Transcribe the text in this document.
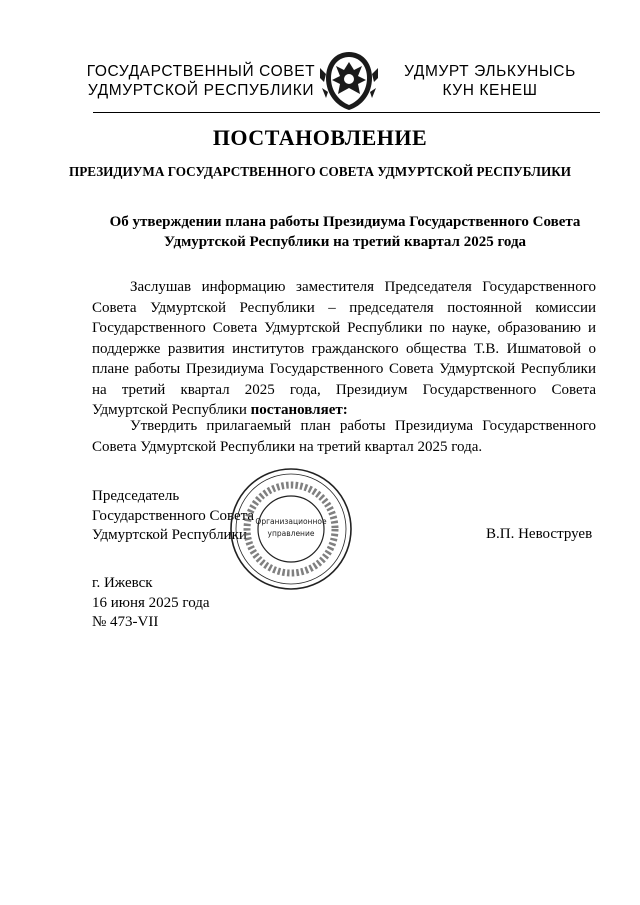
ГОСУДАРСТВЕННЫЙ СОВЕТ
УДМУРТСКОЙ РЕСПУБЛИКИ
УДМУРТ ЭЛЬКУНЫСЬ
КУН КЕНЕШ
ПОСТАНОВЛЕНИЕ
ПРЕЗИДИУМА ГОСУДАРСТВЕННОГО СОВЕТА УДМУРТСКОЙ РЕСПУБЛИКИ
Об утверждении плана работы Президиума Государственного Совета
Удмуртской Республики на третий квартал 2025 года
Заслушав информацию заместителя Председателя Государственного
Совета Удмуртской Республики – председателя постоянной комиссии
Государственного Совета Удмуртской Республики по науке, образованию и
поддержке развития институтов гражданского общества Т.В. Ишматовой о
плане работы Президиума Государственного Совета Удмуртской Республики
на третий квартал 2025 года, Президиум Государственного Совета
Удмуртской Республики постановляет:
Утвердить прилагаемый план работы Президиума Государственного
Совета Удмуртской Республики на третий квартал 2025 года.
Председатель
Государственного Совета
Удмуртской Республики	В.П. Невоструев
Организационное
управление
г. Ижевск
16 июня 2025 года
№ 473-VII
